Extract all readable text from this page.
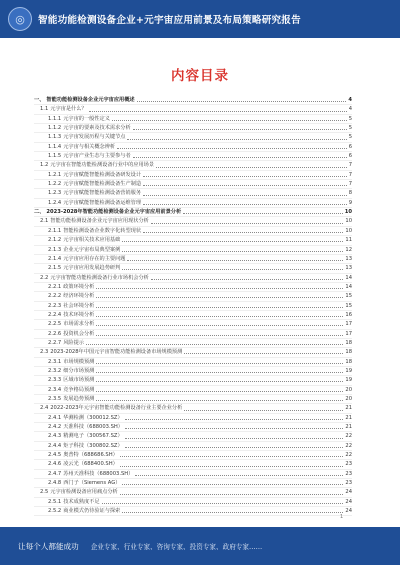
◎	智能功能检测设备企业+元宇宙应用前景及布局策略研究报告
内容目录
一、 智能功能检测设备企业元宇宙应用概述	4
1.1 元宇宙是什么？	4
1.1.1 元宇宙的一般性定义	5
1.1.2 元宇宙的要素及技术需求分析	5
1.1.3 元宇宙发展历程与关键节点	5
1.1.4 元宇宙与相关概念辨析	6
1.1.5 元宇宙产业生态与主要参与者	6
1.2 元宇宙在智能功能检测设备行业中的应用场景	7
1.2.1 元宇宙赋能智能检测设备研发设计	7
1.2.2 元宇宙赋能智能检测设备生产制造	7
1.2.3 元宇宙赋能智能检测设备营销服务	8
1.2.4 元宇宙赋能智能检测设备运维管理	9
二、 2023-2028年智能功能检测设备企业元宇宙应用前景分析	10
2.1 智能功能检测设备企业元宇宙应用现状分析	10
2.1.1 智能检测设备企业数字化转型现状	10
2.1.2 元宇宙相关技术应用基础	11
2.1.3 企业元宇宙布局典型案例	12
2.1.4 元宇宙应用存在的主要问题	13
2.1.5 元宇宙应用发展趋势研判	13
2.2 元宇宙智能功能检测设备行业市场机会分析	14
2.2.1 政策环境分析	14
2.2.2 经济环境分析	15
2.2.3 社会环境分析	15
2.2.4 技术环境分析	16
2.2.5 市场需求分析	17
2.2.6 投资机会分析	17
2.2.7 风险提示	18
2.3 2023-2028年中国元宇宙智能功能检测设备市场规模预测	18
2.3.1 市场规模预测	18
2.3.2 细分市场预测	19
2.3.3 区域市场预测	19
2.3.4 竞争格局预测	20
2.3.5 发展趋势预测	20
2.4 2022-2023年元宇宙智能功能检测设备行业主要企业分析	21
2.4.1 华测检测（300012.SZ）	21
2.4.2 天准科技（688003.SH）	21
2.4.3 精测电子（300567.SZ）	22
2.4.4 矩子科技（300802.SZ）	22
2.4.5 奥普特（688686.SH）	22
2.4.6 凌云光（688400.SH）	23
2.4.7 苏州天准科技（688003.SH）	23
2.4.8 西门子（Siemens AG）	23
2.5 元宇宙检测设备应用痛点分析	24
2.5.1 技术成熟度不足	24
2.5.2 商业模式仍待验证与探索	24
1
让每个人都能成功 企业专家、行业专家、咨询专家、投资专家、政府专家……
